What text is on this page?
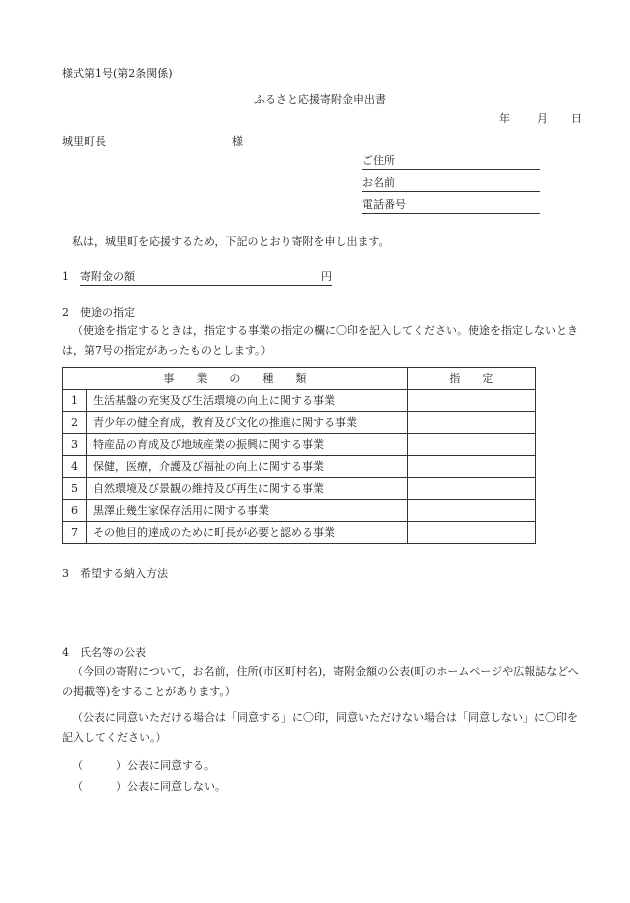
様式第1号(第2条関係)
ふるさと応援寄附金申出書
年 月 日
城里町長	様
ご住所
お名前
電話番号
私は，城里町を応援するため，下記のとおり寄附を申し出ます。
1 寄附金の額	円
2 使途の指定
（使途を指定するときは，指定する事業の指定の欄に〇印を記入してください。使途を指定しないときは，第7号の指定があったものとします。）
事　　業　　の　　種　　類		指　　定
1	生活基盤の充実及び生活環境の向上に関する事業	
2	青少年の健全育成，教育及び文化の推進に関する事業	
3	特産品の育成及び地域産業の振興に関する事業	
4	保健，医療，介護及び福祉の向上に関する事業	
5	自然環境及び景観の維持及び再生に関する事業	
6	黒澤止幾生家保存活用に関する事業	
7	その他目的達成のために町長が必要と認める事業	
3 希望する納入方法
4 氏名等の公表
（今回の寄附について，お名前，住所(市区町村名)，寄附金額の公表(町のホームページや広報誌などへの掲載等)をすることがあります。）
（公表に同意いただける場合は「同意する」に〇印，同意いただけない場合は「同意しない」に〇印を記入してください。）
（　　　）公表に同意する。
（　　　）公表に同意しない。
